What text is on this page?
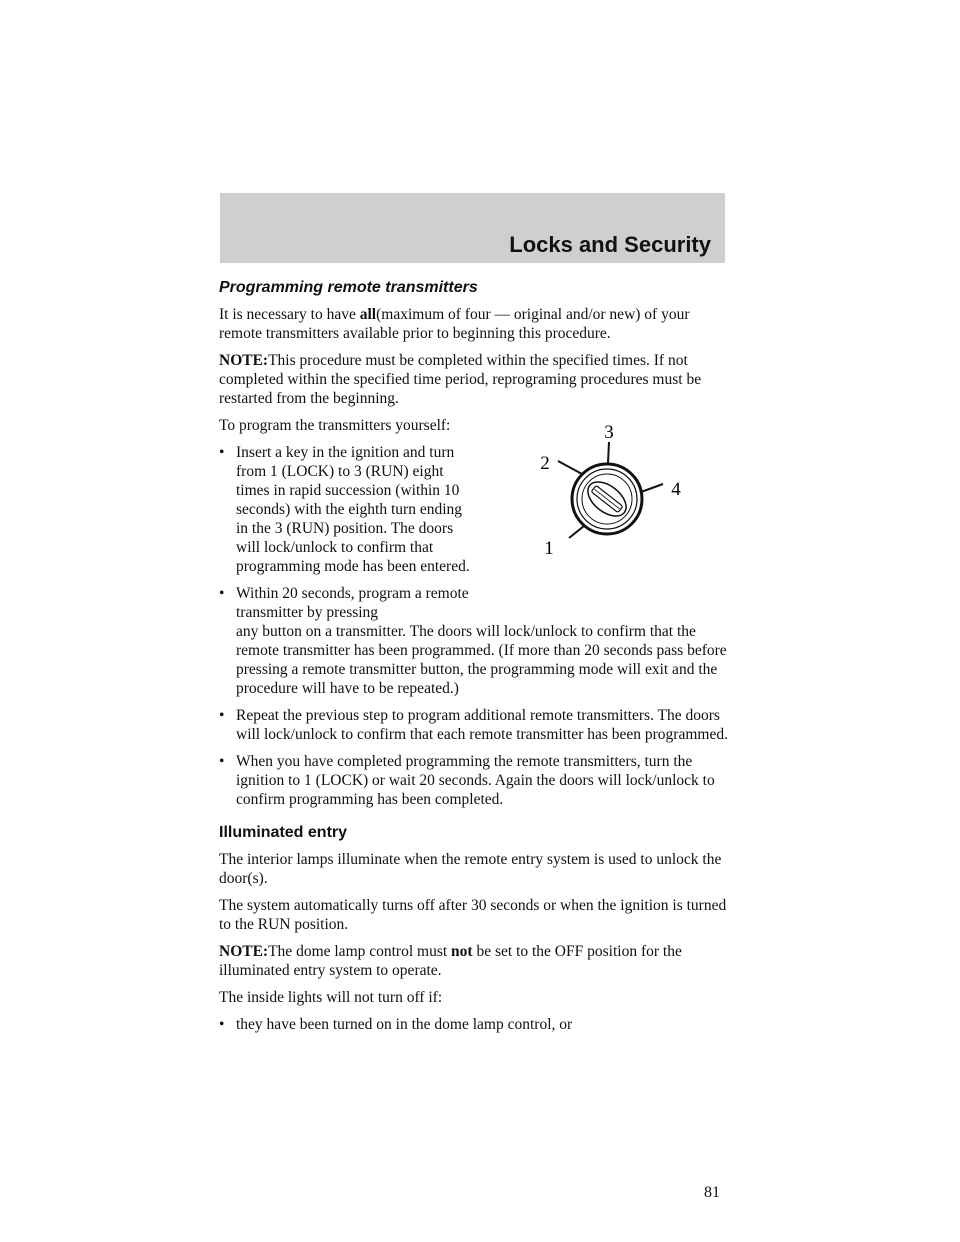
Locks and Security
Programming remote transmitters

It is necessary to have all(maximum of four — original and/or new) of your remote transmitters available prior to beginning this procedure.

NOTE:This procedure must be completed within the specified times. If not completed within the specified time period, reprograming procedures must be restarted from the beginning.

To program the transmitters yourself:

• Insert a key in the ignition and turn from 1 (LOCK) to 3 (RUN) eight times in rapid succession (within 10 seconds) with the eighth turn ending in the 3 (RUN) position. The doors will lock/unlock to confirm that programming mode has been entered.
• Within 20 seconds, program a remote transmitter by pressing

any button on a transmitter. The doors will lock/unlock to confirm that the remote transmitter has been programmed. (If more than 20 seconds pass before pressing a remote transmitter button, the programming mode will exit and the procedure will have to be repeated.)

• Repeat the previous step to program additional remote transmitters. The doors will lock/unlock to confirm that each remote transmitter has been programmed.
• When you have completed programming the remote transmitters, turn the ignition to 1 (LOCK) or wait 20 seconds. Again the doors will lock/unlock to confirm programming has been completed.
Illuminated entry

The interior lamps illuminate when the remote entry system is used to unlock the door(s).

The system automatically turns off after 30 seconds or when the ignition is turned to the RUN position.

NOTE:The dome lamp control must not be set to the OFF position for the illuminated entry system to operate.

The inside lights will not turn off if:

• they have been turned on in the dome lamp control, or
3
2
4
1
81
